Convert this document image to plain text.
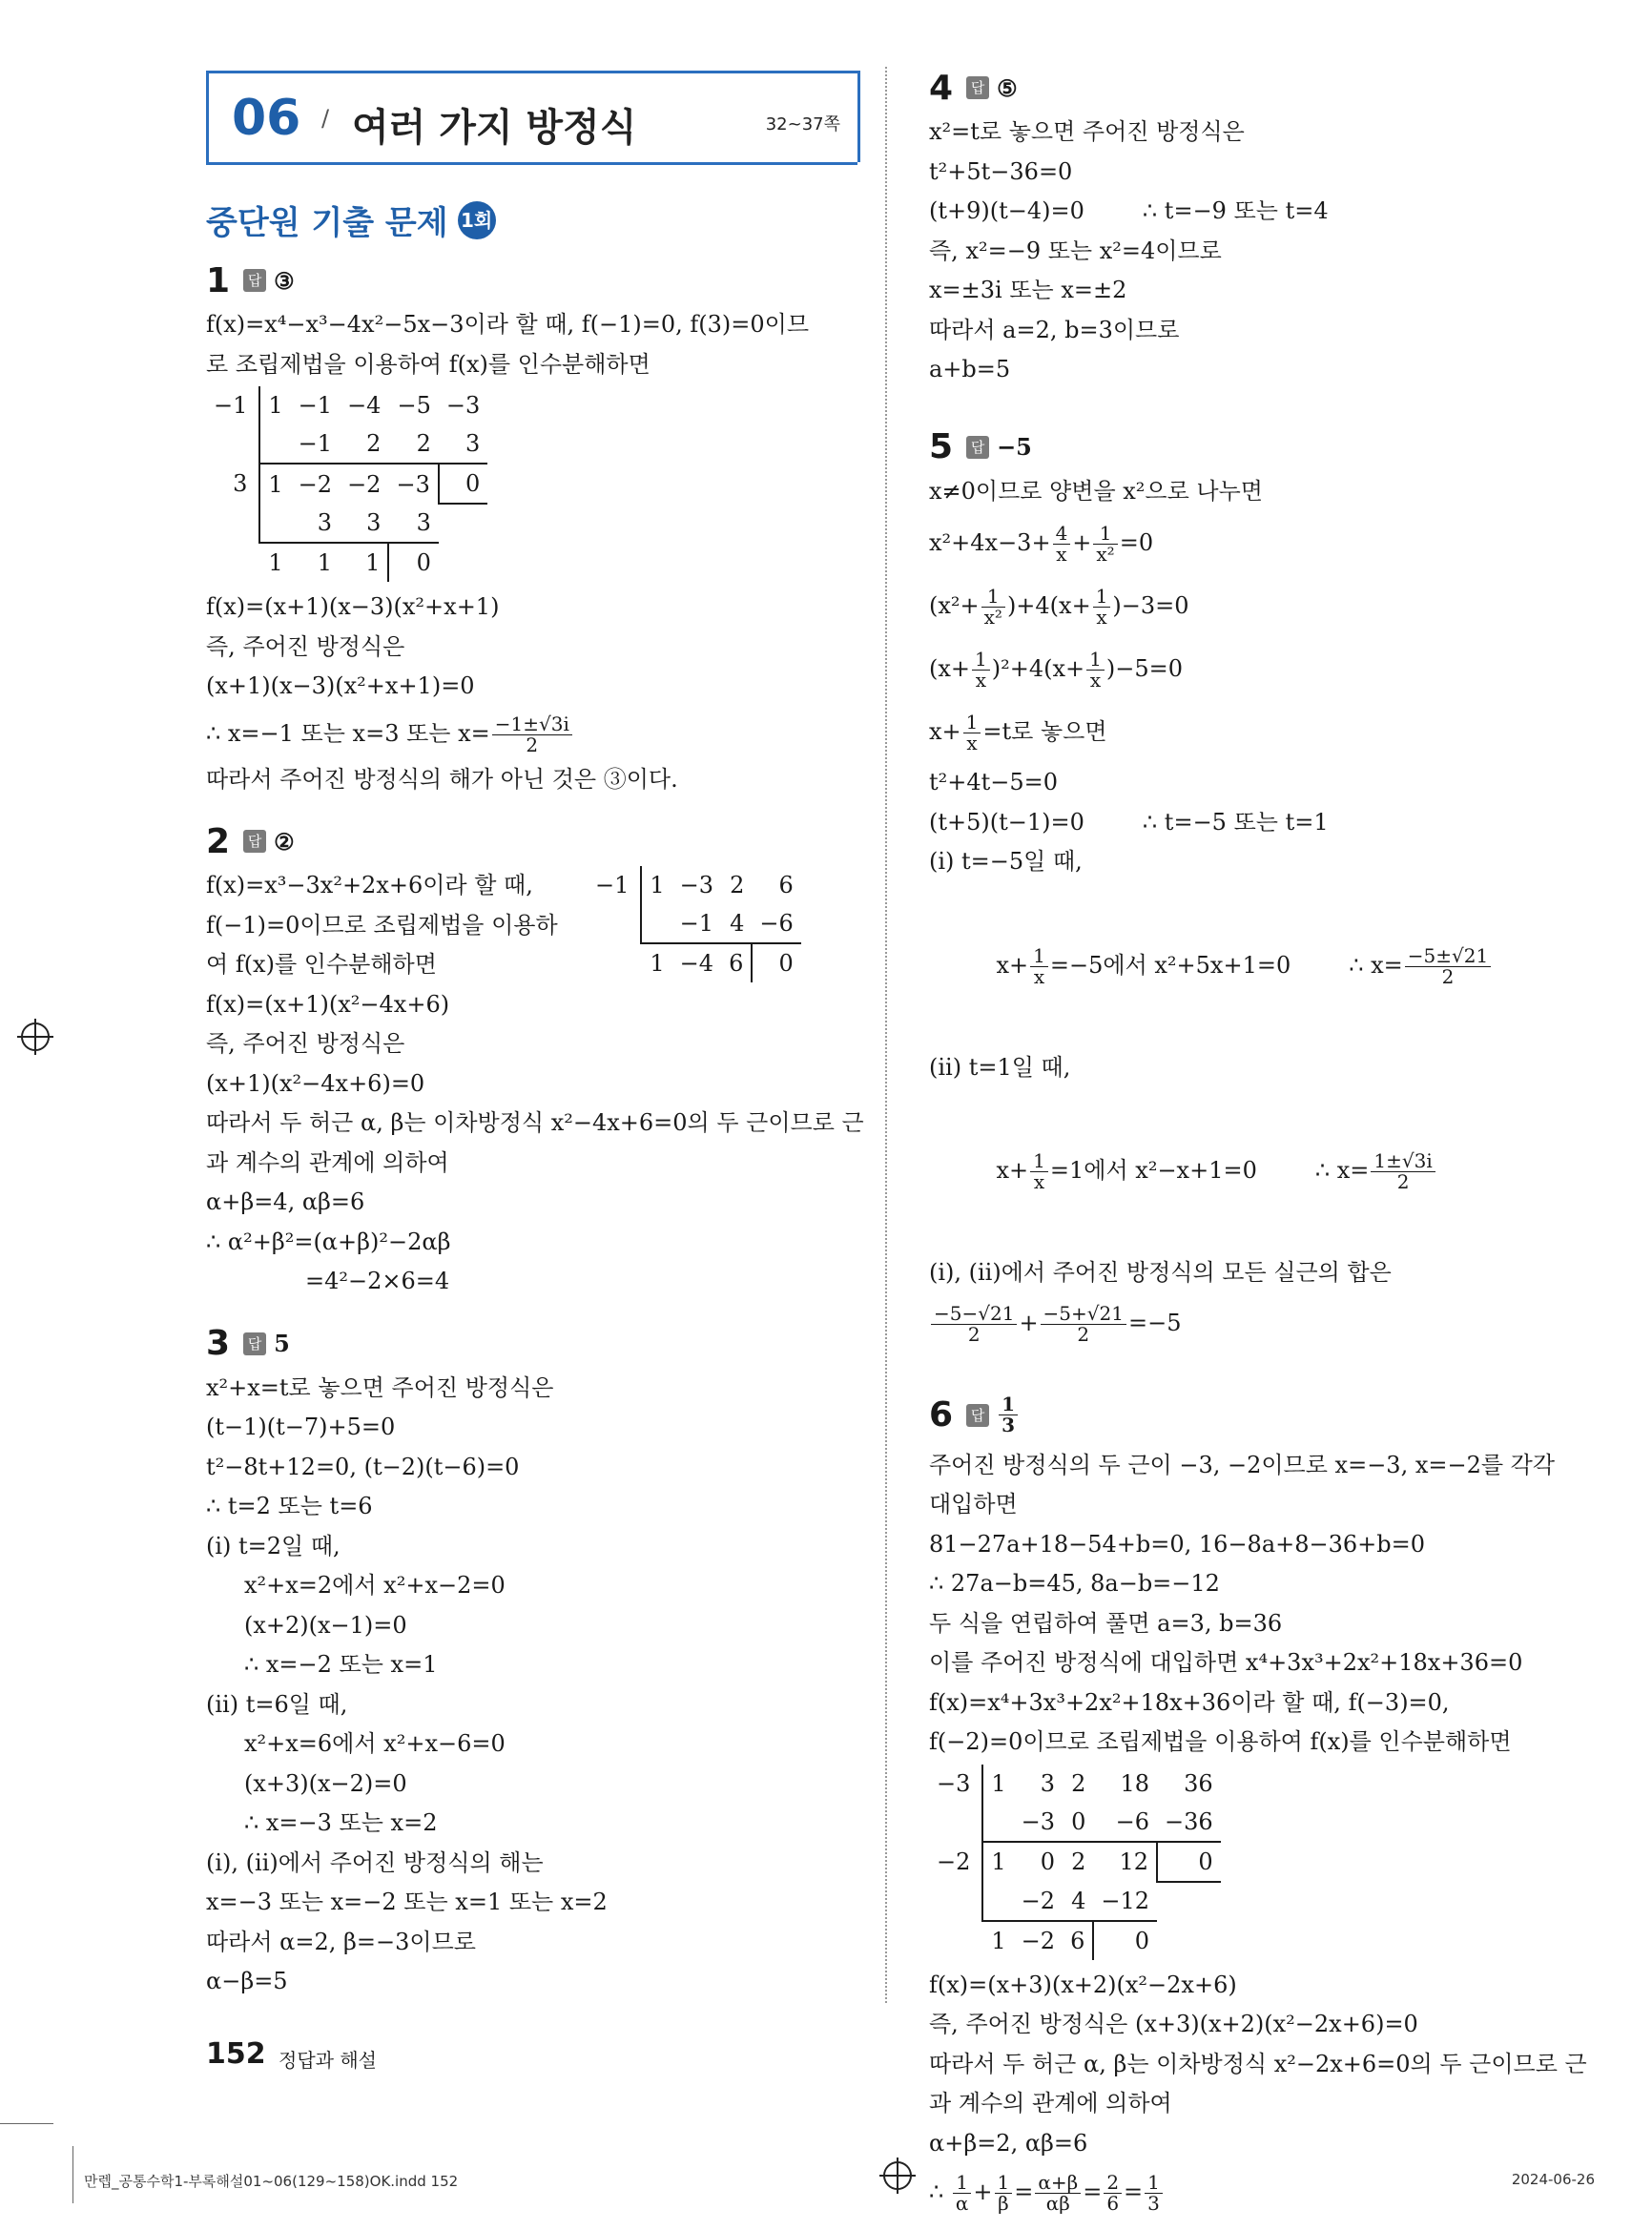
06 / 여러 가지 방정식	32~37쪽
중단원 기출 문제 1회
1	답 ③
f(x)=x⁴−x³−4x²−5x−3이라 할 때, f(−1)=0, f(3)=0이므
로 조립제법을 이용하여 f(x)를 인수분해하면
−1	1	−1	−4	−5	−3
		−1	2	2	3
3	1	−2	−2	−3	0
		3	3	3	
	1	1	1	0	
f(x)=(x+1)(x−3)(x²+x+1)
즉, 주어진 방정식은
(x+1)(x−3)(x²+x+1)=0
∴ x=−1 또는 x=3 또는 $x= \frac{-1\pm√3i}{2}$
따라서 주어진 방정식의 해가 아닌 것은 ③이다.
2	답 ②
f(x)=x³−3x²+2x+6이라 할 때,
f(−1)=0이므로 조립제법을 이용하
여 f(x)를 인수분해하면
−1	1	−3	2	6
		−1	4	−6
	1	−4	6	0
f(x)=(x+1)(x²−4x+6)
즉, 주어진 방정식은
(x+1)(x²−4x+6)=0
따라서 두 허근 α, β는 이차방정식 x²−4x+6=0의 두 근이므로 근
과 계수의 관계에 의하여
α+β=4, αβ=6
∴ α²+β²=(α+β)²−2αβ
=4²−2×6=4
3	답 5
x²+x=t로 놓으면 주어진 방정식은
(t−1)(t−7)+5=0
t²−8t+12=0, (t−2)(t−6)=0
∴ t=2 또는 t=6
(ⅰ) t=2일 때,
x²+x=2에서 x²+x−2=0
(x+2)(x−1)=0
∴ x=−2 또는 x=1
(ⅱ) t=6일 때,
x²+x=6에서 x²+x−6=0
(x+3)(x−2)=0
∴ x=−3 또는 x=2
(ⅰ), (ⅱ)에서 주어진 방정식의 해는
x=−3 또는 x=−2 또는 x=1 또는 x=2
따라서 α=2, β=−3이므로
α−β=5
4	답 ⑤
x²=t로 놓으면 주어진 방정식은
t²+5t−36=0
(t+9)(t−4)=0        ∴ t=−9 또는 t=4
즉, x²=−9 또는 x²=4이므로
x=±3i 또는 x=±2
따라서 a=2, b=3이므로
a+b=5
5	답 −5
x≠0이므로 양변을 x²으로 나누면
$x^2+4x-3+ \frac{4}{x} + \frac{1}{\text{x²}} =0$
$(x^2+ \frac{1}{\text{x²}} )+4(x+ \frac{1}{x} )-3=0$
$(x+ \frac{1}{x} )^2+4(x+ \frac{1}{x} )-5=0$
$x+ \frac{1}{x} =t$로 놓으면
t²+4t−5=0
(t+5)(t−1)=0        ∴ t=−5 또는 t=1
(ⅰ) t=−5일 때,

$x+ \frac{1}{x} =-5$에서 x²+5x+1=0        ∴ $x= \frac{-5\pm√21}{2}$

(ⅱ) t=1일 때,

$x+ \frac{1}{x} =1$에서 x²−x+1=0        ∴ $x= \frac{1\pm√3i}{2}$

(ⅰ), (ⅱ)에서 주어진 방정식의 모든 실근의 합은
$\frac{-5-√21}{2} + \frac{-5+√21}{2} =-5$
6	답 $\frac{1}{3}$
주어진 방정식의 두 근이 −3, −2이므로 x=−3, x=−2를 각각
대입하면
81−27a+18−54+b=0, 16−8a+8−36+b=0
∴ 27a−b=45, 8a−b=−12
두 식을 연립하여 풀면 a=3, b=36
이를 주어진 방정식에 대입하면 x⁴+3x³+2x²+18x+36=0
f(x)=x⁴+3x³+2x²+18x+36이라 할 때, f(−3)=0,
f(−2)=0이므로 조립제법을 이용하여 f(x)를 인수분해하면
−3	1	3	2	18	36
		−3	0	−6	−36
−2	1	0	2	12	0
		−2	4	−12	
	1	−2	6	0	
f(x)=(x+3)(x+2)(x²−2x+6)
즉, 주어진 방정식은 (x+3)(x+2)(x²−2x+6)=0
따라서 두 허근 α, β는 이차방정식 x²−2x+6=0의 두 근이므로 근
과 계수의 관계에 의하여
α+β=2, αβ=6
∴ $\frac{1}{\alpha} + \frac{1}{\beta} = \frac{\alpha+\beta}{\alpha\beta} = \frac{2}{6} = \frac{1}{3}$
152 정답과 해설
만렙_공통수학1-부록해설01~06(129~158)OK.indd 152	2024-06-26
